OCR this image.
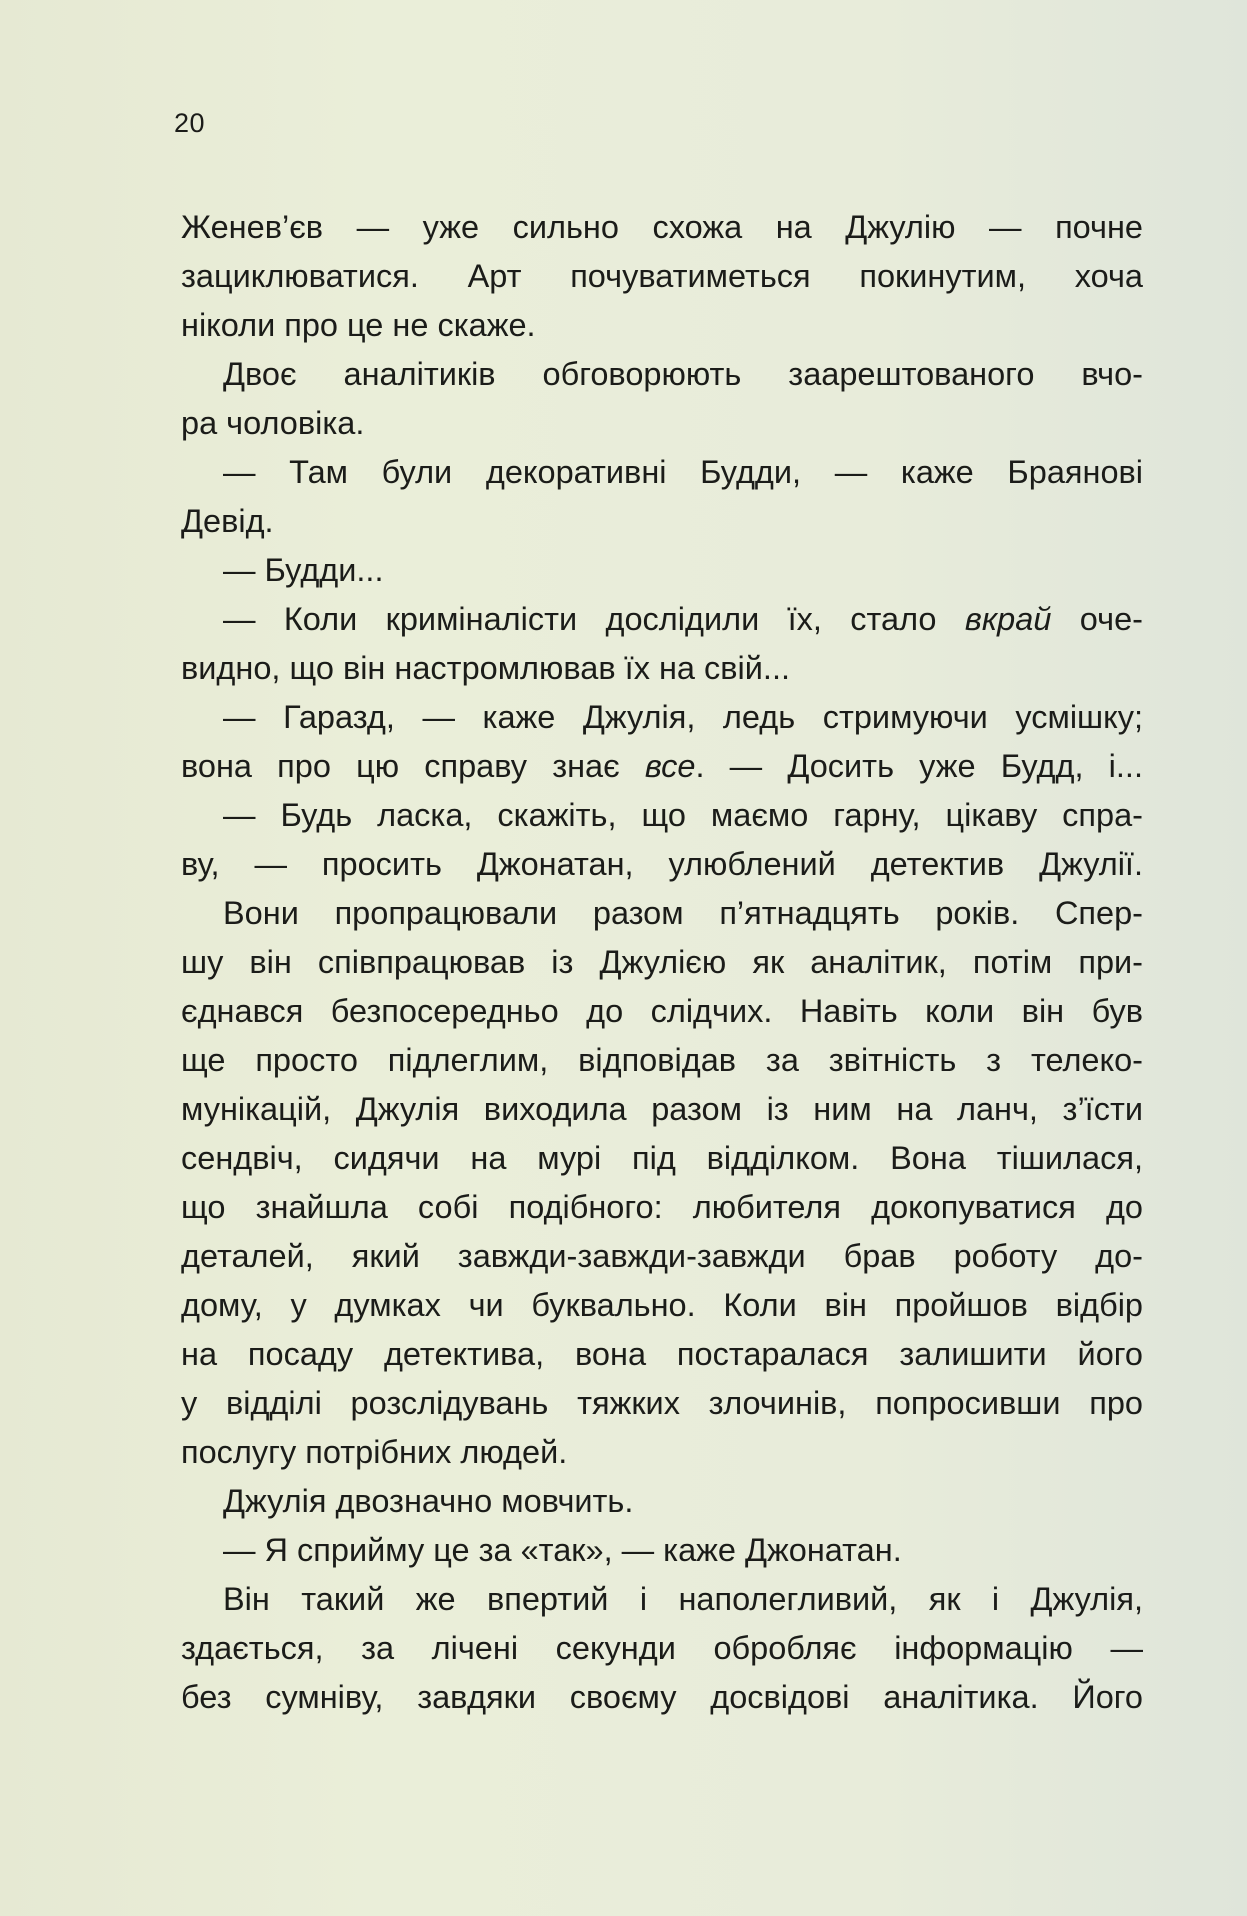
20
Женев’єв — уже сильно схожа на Джулію — почне
зациклюватися. Арт почуватиметься покинутим, хоча
ніколи про це не скаже.
Двоє аналітиків обговорюють заарештованого вчо-
ра чоловіка.
— Там були декоративні Будди, — каже Браянові
Девід.
— Будди...
— Коли криміналісти дослідили їх, стало вкрай оче-
видно, що він настромлював їх на свій...
— Гаразд, — каже Джулія, ледь стримуючи усмішку;
вона про цю справу знає все. — Досить уже Будд, і...
— Будь ласка, скажіть, що маємо гарну, цікаву спра-
ву, — просить Джонатан, улюблений детектив Джулії.
Вони пропрацювали разом п’ятнадцять років. Спер-
шу він співпрацював із Джулією як аналітик, потім при-
єднався безпосередньо до слідчих. Навіть коли він був
ще просто підлеглим, відповідав за звітність з телеко-
мунікацій, Джулія виходила разом із ним на ланч, з’їсти
сендвіч, сидячи на мурі під відділком. Вона тішилася,
що знайшла собі подібного: любителя докопуватися до
деталей, який завжди-завжди-завжди брав роботу до-
дому, у думках чи буквально. Коли він пройшов відбір
на посаду детектива, вона постаралася залишити його
у відділі розслідувань тяжких злочинів, попросивши про
послугу потрібних людей.
Джулія двозначно мовчить.
— Я сприйму це за «так», — каже Джонатан.
Він такий же впертий і наполегливий, як і Джулія,
здається, за лічені секунди обробляє інформацію —
без сумніву, завдяки своєму досвідові аналітика. Його
